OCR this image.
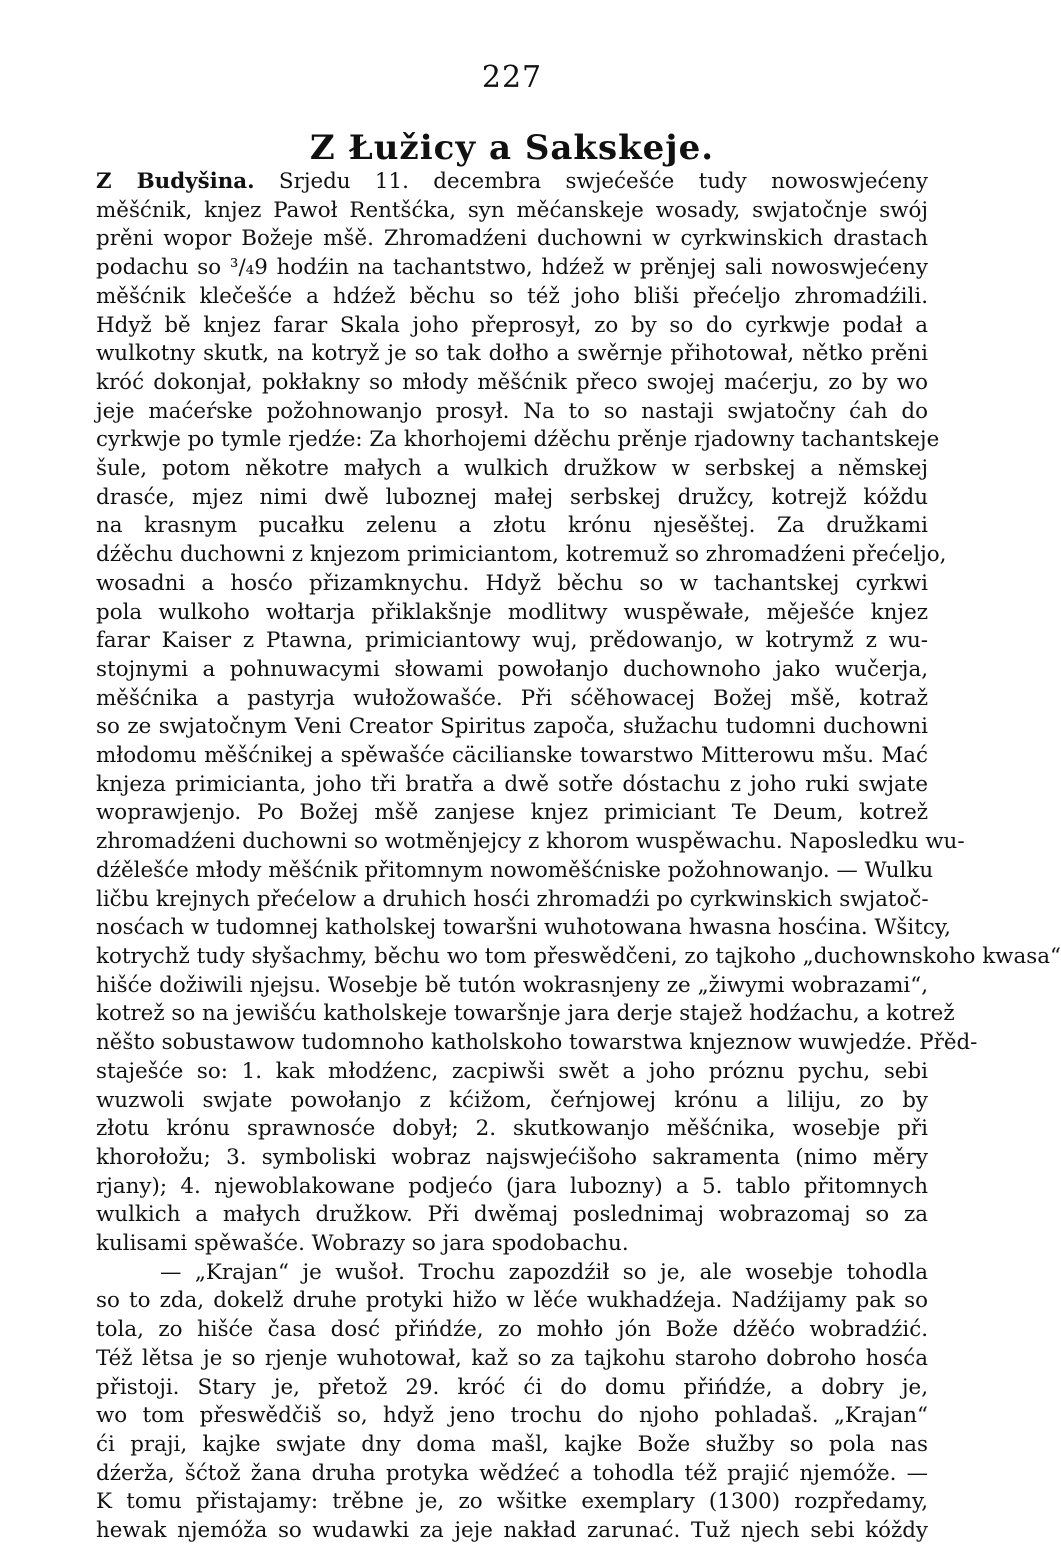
227
Z Łužicy a Sakskeje.
Z Budyšina. Srjedu 11. decembra swjećešće tudy nowoswjećeny
měšćnik, knjez Pawoł Rentšćka, syn měćanskeje wosady, swjatočnje swój
prěni wopor Božeje mšě. Zhromadźeni duchowni w cyrkwinskich drastach
podachu so ³/₄9 hodźin na tachantstwo, hdźež w prěnjej sali nowoswjećeny
měšćnik klečešće a hdźež běchu so též joho bliši přećeljo zhromadźili.
Hdyž bě knjez farar Skala joho přeprosył, zo by so do cyrkwje podał a
wulkotny skutk, na kotryž je so tak dołho a swěrnje přihotował, nětko prěni
króć dokonjał, pokłakny so młody měšćnik přeco swojej maćerju, zo by wo
jeje maćeŕske požohnowanjo prosył. Na to so nastaji swjatočny ćah do
cyrkwje po tymle rjedźe: Za khorhojemi dźěchu prěnje rjadowny tachantskeje
šule, potom někotre małych a wulkich družkow w serbskej a němskej
drasće, mjez nimi dwě luboznej małej serbskej družcy, kotrejž kóždu
na krasnym pucałku zelenu a złotu krónu njesěštej. Za družkami
dźěchu duchowni z knjezom primiciantom, kotremuž so zhromadźeni přećeljo,
wosadni a hosćo přizamknychu. Hdyž běchu so w tachantskej cyrkwi
pola wulkoho wołtarja přiklakšnje modlitwy wuspěwałe, měješće knjez
farar Kaiser z Ptawna, primiciantowy wuj, prědowanjo, w kotrymž z wu-
stojnymi a pohnuwacymi słowami powołanjo duchownoho jako wučerja,
měšćnika a pastyrja wułožowašće. Při sćěhowacej Božej mšě, kotraž
so ze swjatočnym Veni Creator Spiritus započa, słužachu tudomni duchowni
młodomu měšćnikej a spěwašće cäcilianske towarstwo Mitterowu mšu. Mać
knjeza primicianta, joho tři bratřa a dwě sotře dóstachu z joho ruki swjate
woprawjenjo. Po Božej mšě zanjese knjez primiciant Te Deum, kotrež
zhromadźeni duchowni so wotměnjejcy z khorom wuspěwachu. Naposledku wu-
dźělešće młody měšćnik přitomnym nowoměšćniske požohnowanjo. — Wulku
ličbu krejnych přećelow a druhich hosći zhromadźi po cyrkwinskich swjatoč-
nosćach w tudomnej katholskej towaršni wuhotowana hwasna hosćina. Wšitcy,
kotrychž tudy słyšachmy, běchu wo tom přeswědčeni, zo tajkoho „duchownskoho kwasa“
hišće dožiwili njejsu. Wosebje bě tutón wokrasnjeny ze „žiwymi wobrazami“,
kotrež so na jewišću katholskeje towaršnje jara derje stajež hodźachu, a kotrež
něšto sobustawow tudomnoho katholskoho towarstwa knjeznow wuwjedźe. Přěd-
staješće so: 1. kak młodźenc, zacpiwši swět a joho próznu pychu, sebi
wuzwoli swjate powołanjo z kćižom, čeŕnjowej krónu a liliju, zo by
złotu krónu sprawnosće dobył; 2. skutkowanjo měšćnika, wosebje při
khorołožu; 3. symboliski wobraz najswjećišoho sakramenta (nimo měry
rjany); 4. njewoblakowane podjećo (jara lubozny) a 5. tablo přitomnych
wulkich a małych družkow. Při dwěmaj posledni̇maj wobrazomaj so za
kulisami spěwašće. Wobrazy so jara spodobachu.
— „Krajan“ je wušoł. Trochu zapozdźił so je, ale wosebje tohodla
so to zda, dokelž druhe protyki hižo w lěće wukhadźeja. Nadźijamy pak so
tola, zo hišće časa dosć přińdźe, zo mohło jón Bože dźěćo wobradźić.
Též lětsa je so rjenje wuhotował, kaž so za tajkohu staroho dobroho hosća
přistoji. Stary je, přetož 29. króć ći do domu přińdźe, a dobry je,
wo tom přeswědčiš so, hdyž jeno trochu do njoho pohladaš. „Krajan“
ći praji, kajke swjate dny doma mašl, kajke Bože słužby so pola nas
dźerža, šćtož žana druha protyka wědźeć a tohodla též prajić njemóže. —
K tomu přistajamy: trěbne je, zo wšitke exemplary (1300) rozpředamy,
hewak njemóža so wudawki za jeje nakład zarunać. Tuž njech sebi kóždy
